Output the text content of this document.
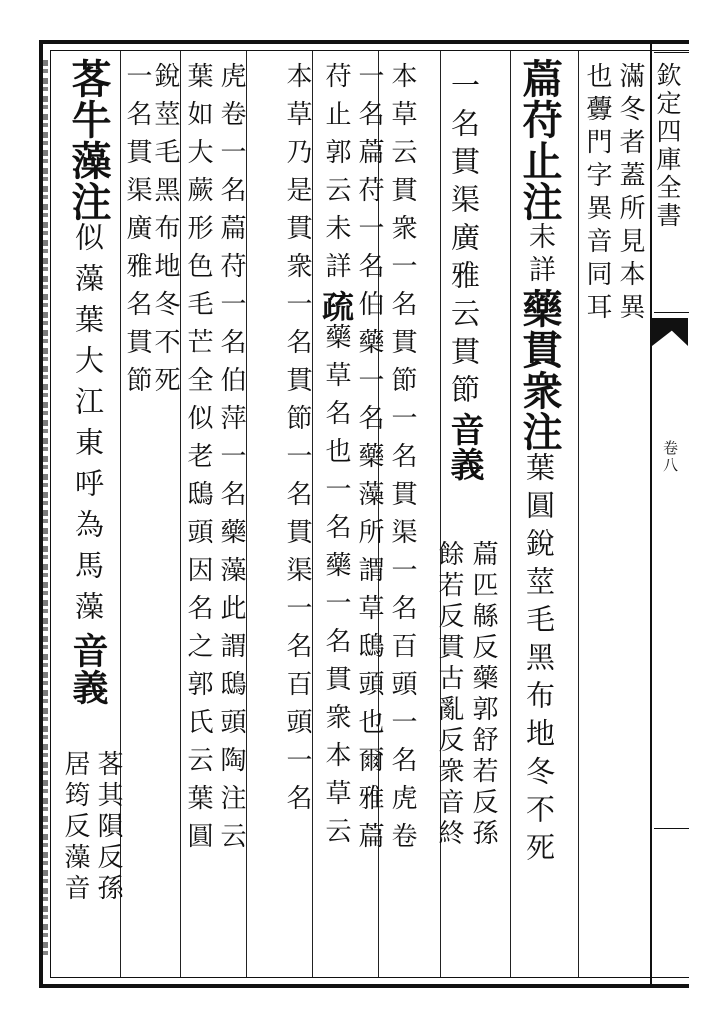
欽定四庫全書
卷八
滿冬者蓋所見本異
也虋門字異音同耳
萹苻止注未詳藥貫衆注葉圓銳莖毛黑布地冬不死
一名貫渠廣雅云貫節音義
萹匹緜反藥郭舒若反孫
餘若反貫古亂反衆音終
本草云貫衆一名貫節一名貫渠一名百頭一名虎卷
一名萹苻一名伯藥一名藥藻所謂草鴟頭也爾雅萹
苻止郭云未詳疏藥草名也一名藥一名貫衆本草云
本草乃是貫衆一名貫節一名貫渠一名百頭一名
虎卷一名萹苻一名伯萍一名藥藻此謂鴟頭陶注云
葉如大蕨形色毛芒全似老鴟頭因名之郭氏云葉圓
銳莖毛黑布地冬不死
一名貫渠廣雅名貫節
茖牛藻注似藻葉大江東呼為馬藻音義
茖其隕反孫
居筠反藻音
